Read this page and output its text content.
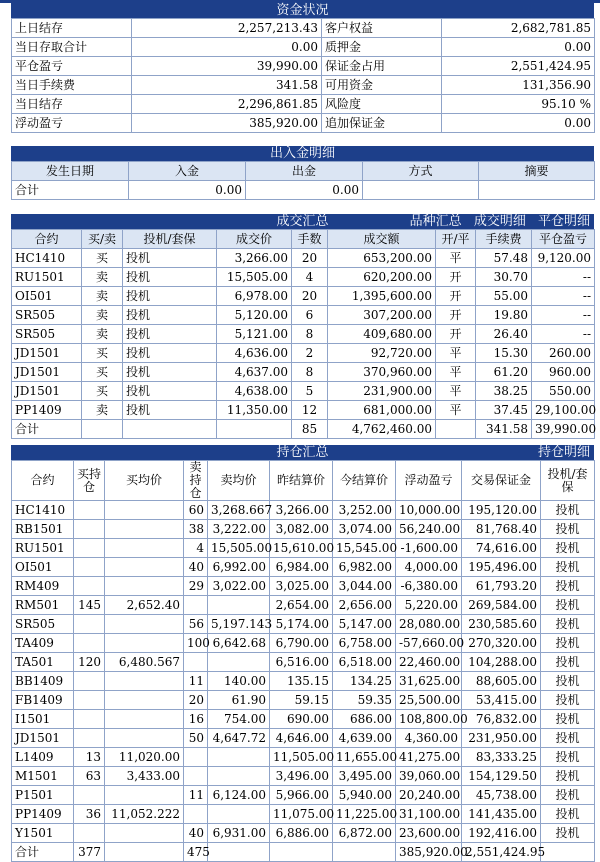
资金状况
上日结存	2,257,213.43	客户权益	2,682,781.85
当日存取合计	0.00	质押金	0.00
平仓盈亏	39,990.00	保证金占用	2,551,424.95
当日手续费	341.58	可用资金	131,356.90
当日结存	2,296,861.85	风险度	95.10 %
浮动盈亏	385,920.00	追加保证金	0.00
出入金明细
发生日期	入金	出金	方式	摘要
合计	0.00	0.00		
成交汇总	品种汇总 成交明细 平仓明细
合约	买/卖	投机/套保	成交价	手数	成交额	开/平	手续费	平仓盈亏
HC1410	买	投机	3,266.00	20	653,200.00	平	57.48	9,120.00
RU1501	卖	投机	15,505.00	4	620,200.00	开	30.70	--
OI501	卖	投机	6,978.00	20	1,395,600.00	开	55.00	--
SR505	卖	投机	5,120.00	6	307,200.00	开	19.80	--
SR505	卖	投机	5,121.00	8	409,680.00	开	26.40	--
JD1501	买	投机	4,636.00	2	92,720.00	平	15.30	260.00
JD1501	买	投机	4,637.00	8	370,960.00	平	61.20	960.00
JD1501	买	投机	4,638.00	5	231,900.00	平	38.25	550.00
PP1409	卖	投机	11,350.00	12	681,000.00	平	37.45	29,100.00
合计				85	4,762,460.00		341.58	39,990.00
持仓汇总	持仓明细
合约	买持仓	买均价	卖持仓	卖均价	昨结算价	今结算价	浮动盈亏	交易保证金	投机/套保
HC1410			60	3,268.667	3,266.00	3,252.00	10,000.00	195,120.00	投机
RB1501			38	3,222.00	3,082.00	3,074.00	56,240.00	81,768.40	投机
RU1501			4	15,505.00	15,610.00	15,545.00	-1,600.00	74,616.00	投机
OI501			40	6,992.00	6,984.00	6,982.00	4,000.00	195,496.00	投机
RM409			29	3,022.00	3,025.00	3,044.00	-6,380.00	61,793.20	投机
RM501	145	2,652.40			2,654.00	2,656.00	5,220.00	269,584.00	投机
SR505			56	5,197.143	5,174.00	5,147.00	28,080.00	230,585.60	投机
TA409			100	6,642.68	6,790.00	6,758.00	-57,660.00	270,320.00	投机
TA501	120	6,480.567			6,516.00	6,518.00	22,460.00	104,288.00	投机
BB1409			11	140.00	135.15	134.25	31,625.00	88,605.00	投机
FB1409			20	61.90	59.15	59.35	25,500.00	53,415.00	投机
I1501			16	754.00	690.00	686.00	108,800.00	76,832.00	投机
JD1501			50	4,647.72	4,646.00	4,639.00	4,360.00	231,950.00	投机
L1409	13	11,020.00			11,505.00	11,655.00	41,275.00	83,333.25	投机
M1501	63	3,433.00			3,496.00	3,495.00	39,060.00	154,129.50	投机
P1501			11	6,124.00	5,966.00	5,940.00	20,240.00	45,738.00	投机
PP1409	36	11,052.222			11,075.00	11,225.00	31,100.00	141,435.00	投机
Y1501			40	6,931.00	6,886.00	6,872.00	23,600.00	192,416.00	投机
合计	377		475				385,920.00	2,551,424.95	
